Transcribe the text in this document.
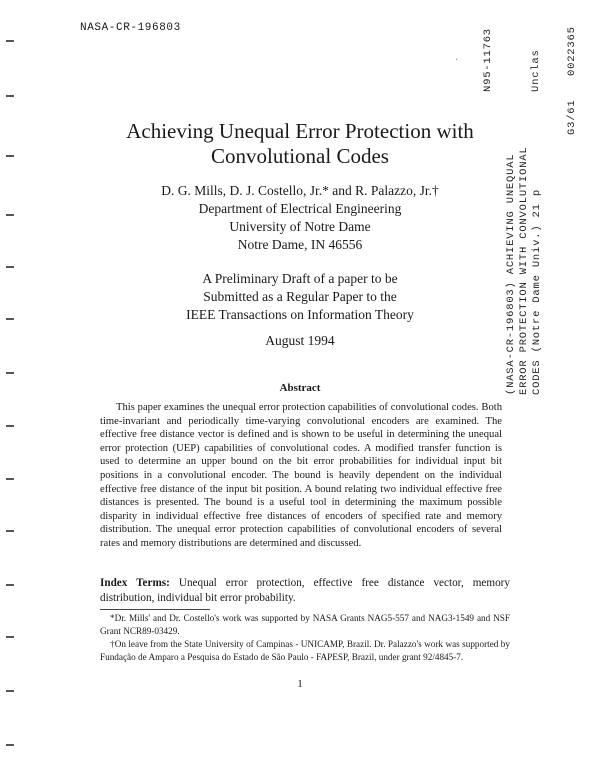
NASA-CR-196803
· N95-11763	Unclas
G3/61
0022365
(NASA-CR-196803) ACHIEVING UNEQUAL ERROR PROTECTION WITH CONVOLUTIONAL CODES (Notre Dame Univ.) 21 p
Achieving Unequal Error Protection with
Convolutional Codes
D. G. Mills, D. J. Costello, Jr.* and R. Palazzo, Jr.†
Department of Electrical Engineering
University of Notre Dame
Notre Dame, IN 46556
A Preliminary Draft of a paper to be
Submitted as a Regular Paper to the
IEEE Transactions on Information Theory
August 1994
Abstract
This paper examines the unequal error protection capabilities of convolutional codes. Both time-invariant and periodically time-varying convolutional encoders are examined. The effective free distance vector is defined and is shown to be useful in determining the unequal error protection (UEP) capabilities of convolutional codes. A modified transfer function is used to determine an upper bound on the bit error probabilities for individual input bit positions in a convolutional encoder. The bound is heavily dependent on the individual effective free distance of the input bit position. A bound relating two individual effective free distances is presented. The bound is a useful tool in determining the maximum possible disparity in individual effective free distances of encoders of specified rate and memory distribution. The unequal error protection capabilities of convolutional encoders of several rates and memory distributions are determined and discussed.
Index Terms: Unequal error protection, effective free distance vector, memory distribution, individual bit error probability.
*Dr. Mills' and Dr. Costello's work was supported by NASA Grants NAG5-557 and NAG3-1549 and NSF Grant NCR89-03429.
†On leave from the State University of Campinas - UNICAMP, Brazil. Dr. Palazzo's work was supported by Fundação de Amparo a Pesquisa do Estado de São Paulo - FAPESP, Brazil, under grant 92/4845-7.
1
